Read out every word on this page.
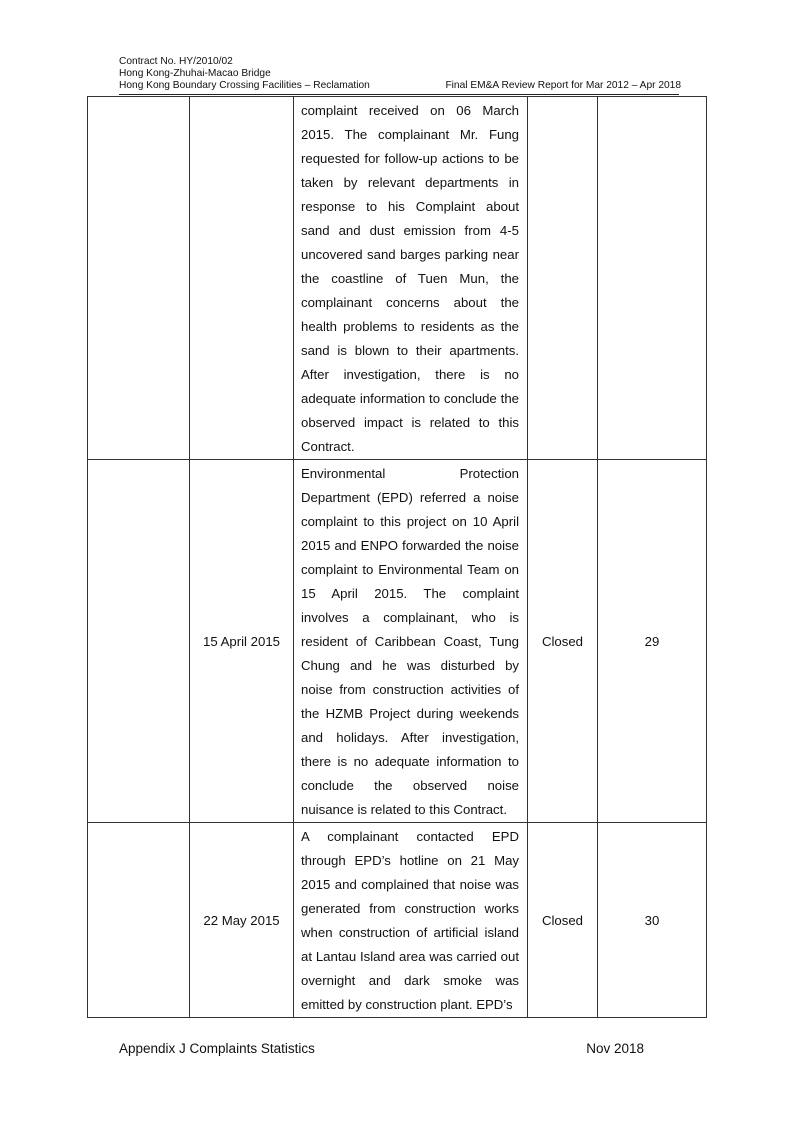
Contract No. HY/2010/02
Hong Kong-Zhuhai-Macao Bridge
Hong Kong Boundary Crossing Facilities – Reclamation	Final EM&A Review Report for Mar 2012 – Apr 2018

		complaint received on 06 March 2015. The complainant Mr. Fung requested for follow-up actions to be taken by relevant departments in response to his Complaint about sand and dust emission from 4-5 uncovered sand barges parking near the coastline of Tuen Mun, the complainant concerns about the health problems to residents as the sand is blown to their apartments. After investigation, there is no adequate information to conclude the observed impact is related to this Contract.		

	15 April 2015	Environmental Protection Department (EPD) referred a noise complaint to this project on 10 April 2015 and ENPO forwarded the noise complaint to Environmental Team on 15 April 2015. The complaint involves a complainant, who is resident of Caribbean Coast, Tung Chung and he was disturbed by noise from construction activities of the HZMB Project during weekends and holidays. After investigation, there is no adequate information to conclude the observed noise nuisance is related to this Contract.	Closed	29
	22 May 2015	A complainant contacted EPD through EPD’s hotline on 21 May 2015 and complained that noise was generated from construction works when construction of artificial island at Lantau Island area was carried out overnight and dark smoke was emitted by construction plant. EPD’s	Closed	30
Appendix J Complaints Statistics	Nov 2018
